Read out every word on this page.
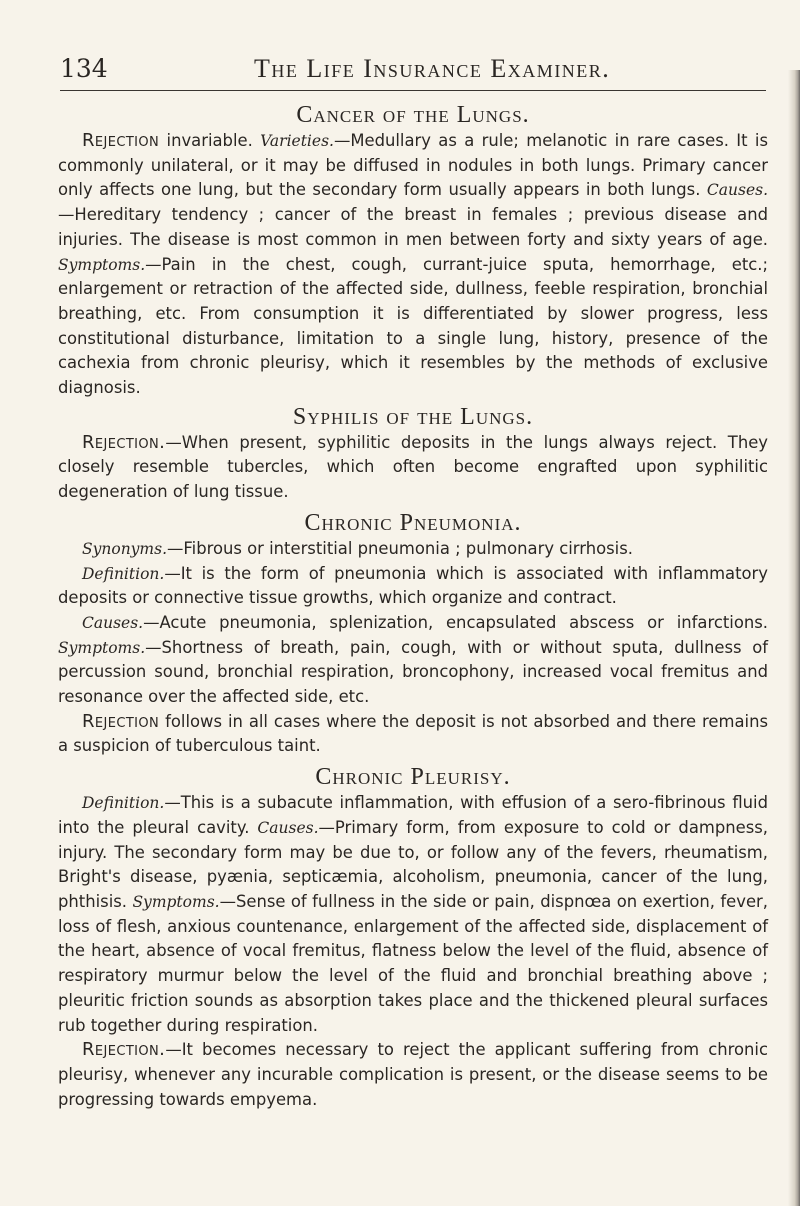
134	The Life Insurance Examiner.
Cancer of the Lungs.

Rejection invariable. Varieties.—Medullary as a rule; melanotic in rare cases. It is commonly unilateral, or it may be diffused in nodules in both lungs. Primary cancer only affects one lung, but the secondary form usually appears in both lungs. Causes.—Hereditary tendency ; cancer of the breast in females ; previous disease and injuries. The disease is most common in men between forty and sixty years of age. Symptoms.—Pain in the chest, cough, currant-juice sputa, hemorrhage, etc.; enlargement or retraction of the affected side, dullness, feeble respiration, bronchial breathing, etc. From consumption it is differentiated by slower progress, less constitutional disturbance, limitation to a single lung, history, presence of the cachexia from chronic pleurisy, which it resembles by the methods of exclusive diagnosis.

Syphilis of the Lungs.

Rejection.—When present, syphilitic deposits in the lungs always reject. They closely resemble tubercles, which often become engrafted upon syphilitic degeneration of lung tissue.

Chronic Pneumonia.

Synonyms.—Fibrous or interstitial pneumonia ; pulmonary cirrhosis.

Definition.—It is the form of pneumonia which is associated with inflammatory deposits or connective tissue growths, which organize and contract.

Causes.—Acute pneumonia, splenization, encapsulated abscess or infarctions. Symptoms.—Shortness of breath, pain, cough, with or without sputa, dullness of percussion sound, bronchial respiration, broncophony, increased vocal fremitus and resonance over the affected side, etc.

Rejection follows in all cases where the deposit is not absorbed and there remains a suspicion of tuberculous taint.

Chronic Pleurisy.

Definition.—This is a subacute inflammation, with effusion of a sero-fibrinous fluid into the pleural cavity. Causes.—Primary form, from exposure to cold or dampness, injury. The secondary form may be due to, or follow any of the fevers, rheumatism, Bright's disease, pyænia, septicæmia, alcoholism, pneumonia, cancer of the lung, phthisis. Symptoms.—Sense of fullness in the side or pain, dispnœa on exertion, fever, loss of flesh, anxious countenance, enlargement of the affected side, displacement of the heart, absence of vocal fremitus, flatness below the level of the fluid, absence of respiratory murmur below the level of the fluid and bronchial breathing above ; pleuritic friction sounds as absorption takes place and the thickened pleural surfaces rub together during respiration.

Rejection.—It becomes necessary to reject the applicant suffering from chronic pleurisy, whenever any incurable complication is present, or the disease seems to be progressing towards empyema.
